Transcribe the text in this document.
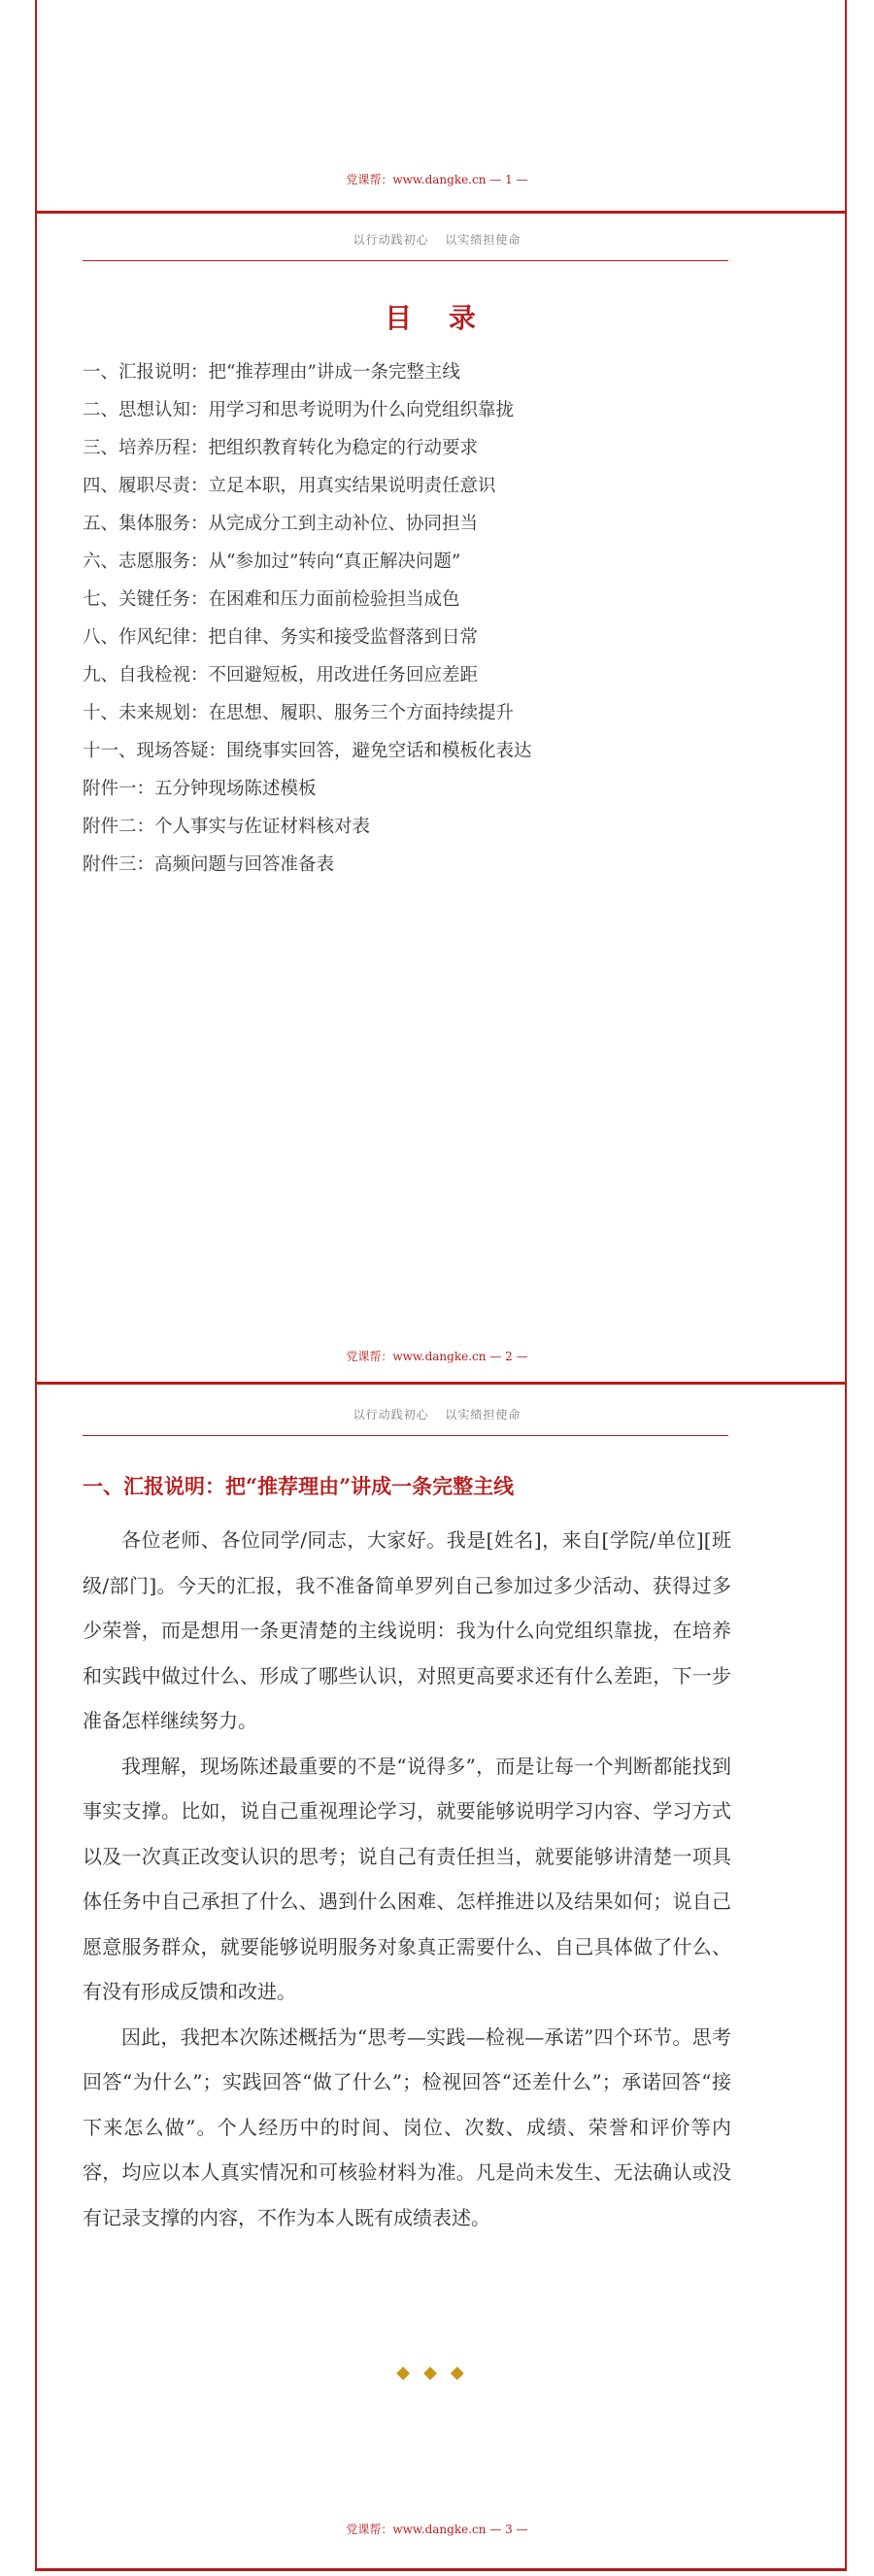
党课帮：www.dangke.cn — 1 —
以行动践初心 以实绩担使命
目 录
一、汇报说明：把“推荐理由”讲成一条完整主线
二、思想认知：用学习和思考说明为什么向党组织靠拢
三、培养历程：把组织教育转化为稳定的行动要求
四、履职尽责：立足本职，用真实结果说明责任意识
五、集体服务：从完成分工到主动补位、协同担当
六、志愿服务：从“参加过”转向“真正解决问题”
七、关键任务：在困难和压力面前检验担当成色
八、作风纪律：把自律、务实和接受监督落到日常
九、自我检视：不回避短板，用改进任务回应差距
十、未来规划：在思想、履职、服务三个方面持续提升
十一、现场答疑：围绕事实回答，避免空话和模板化表达
附件一：五分钟现场陈述模板
附件二：个人事实与佐证材料核对表
附件三：高频问题与回答准备表
党课帮：www.dangke.cn — 2 —
以行动践初心 以实绩担使命
一、汇报说明：把“推荐理由”讲成一条完整主线

各位老师、各位同学/同志，大家好。我是[姓名]，来自[学院/单位][班级/部门]。今天的汇报，我不准备简单罗列自己参加过多少活动、获得过多少荣誉，而是想用一条更清楚的主线说明：我为什么向党组织靠拢，在培养和实践中做过什么、形成了哪些认识，对照更高要求还有什么差距，下一步准备怎样继续努力。

我理解，现场陈述最重要的不是“说得多”，而是让每一个判断都能找到事实支撑。比如，说自己重视理论学习，就要能够说明学习内容、学习方式以及一次真正改变认识的思考；说自己有责任担当，就要能够讲清楚一项具体任务中自己承担了什么、遇到什么困难、怎样推进以及结果如何；说自己愿意服务群众，就要能够说明服务对象真正需要什么、自己具体做了什么、有没有形成反馈和改进。

因此，我把本次陈述概括为“思考—实践—检视—承诺”四个环节。思考回答“为什么”；实践回答“做了什么”；检视回答“还差什么”；承诺回答“接下来怎么做”。个人经历中的时间、岗位、次数、成绩、荣誉和评价等内容，均应以本人真实情况和可核验材料为准。凡是尚未发生、无法确认或没有记录支撑的内容，不作为本人既有成绩表述。

◆◆◆
党课帮：www.dangke.cn — 3 —
